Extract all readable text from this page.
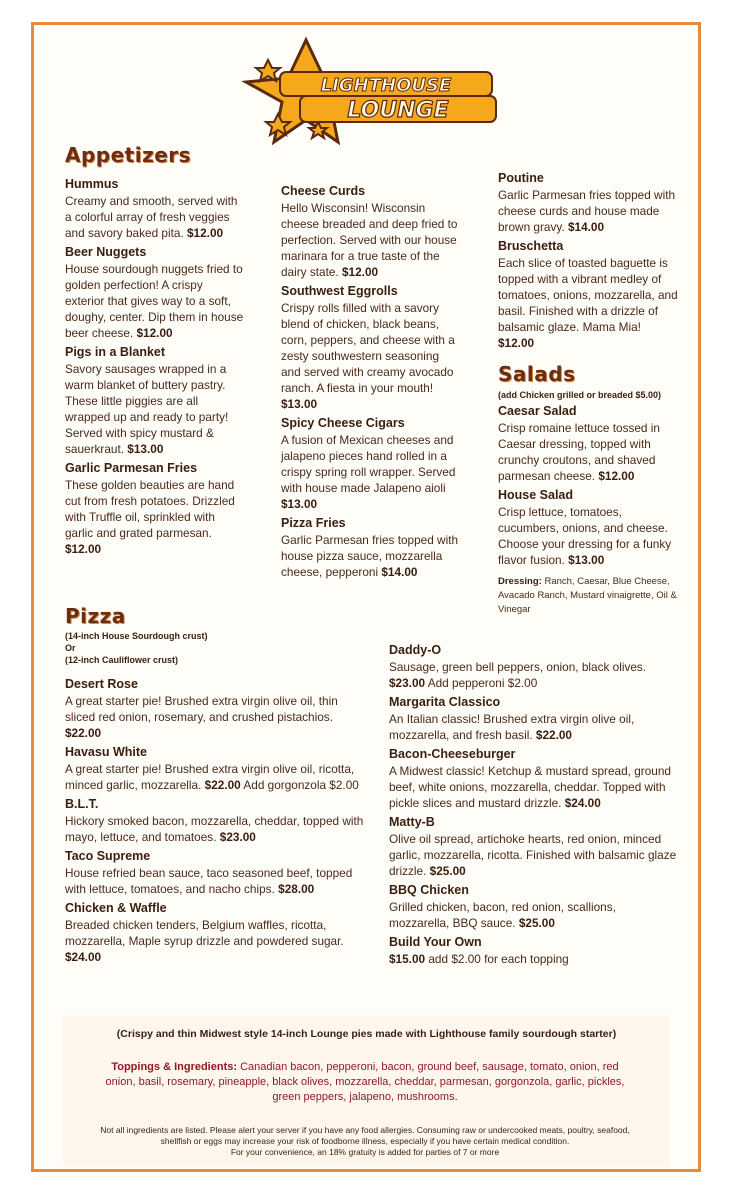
LIGHTHOUSE
LOUNGE
Appetizers
Hummus
Creamy and smooth, served with a colorful array of fresh veggies and savory baked pita. $12.00
Beer Nuggets
House sourdough nuggets fried to golden perfection! A crispy exterior that gives way to a soft, doughy, center. Dip them in house beer cheese. $12.00
Pigs in a Blanket
Savory sausages wrapped in a warm blanket of buttery pastry. These little piggies are all wrapped up and ready to party! Served with spicy mustard & sauerkraut. $13.00
Garlic Parmesan Fries
These golden beauties are hand cut from fresh potatoes. Drizzled with Truffle oil, sprinkled with garlic and grated parmesan. $12.00
Cheese Curds
Hello Wisconsin! Wisconsin cheese breaded and deep fried to perfection. Served with our house marinara for a true taste of the dairy state. $12.00
Southwest Eggrolls
Crispy rolls filled with a savory blend of chicken, black beans, corn, peppers, and cheese with a zesty southwestern seasoning and served with creamy avocado ranch. A fiesta in your mouth! $13.00
Spicy Cheese Cigars
A fusion of Mexican cheeses and jalapeno pieces hand rolled in a crispy spring roll wrapper. Served with house made Jalapeno aioli $13.00
Pizza Fries
Garlic Parmesan fries topped with house pizza sauce, mozzarella cheese, pepperoni $14.00
Poutine
Garlic Parmesan fries topped with cheese curds and house made brown gravy. $14.00
Bruschetta
Each slice of toasted baguette is topped with a vibrant medley of tomatoes, onions, mozzarella, and basil. Finished with a drizzle of balsamic glaze. Mama Mia! $12.00
Salads
(add Chicken grilled or breaded $5.00)
Caesar Salad
Crisp romaine lettuce tossed in Caesar dressing, topped with crunchy croutons, and shaved parmesan cheese. $12.00
House Salad
Crisp lettuce, tomatoes, cucumbers, onions, and cheese. Choose your dressing for a funky flavor fusion. $13.00
Dressing: Ranch, Caesar, Blue Cheese, Avacado Ranch, Mustard vinaigrette, Oil & Vinegar
Pizza
(14-inch House Sourdough crust)
Or
(12-inch Cauliflower crust)
Desert Rose
A great starter pie! Brushed extra virgin olive oil, thin sliced red onion, rosemary, and crushed pistachios. $22.00
Havasu White
A great starter pie! Brushed extra virgin olive oil, ricotta, minced garlic, mozzarella. $22.00 Add gorgonzola $2.00
B.L.T.
Hickory smoked bacon, mozzarella, cheddar, topped with mayo, lettuce, and tomatoes. $23.00
Taco Supreme
House refried bean sauce, taco seasoned beef, topped with lettuce, tomatoes, and nacho chips. $28.00
Chicken & Waffle
Breaded chicken tenders, Belgium waffles, ricotta, mozzarella, Maple syrup drizzle and powdered sugar. $24.00
Daddy-O
Sausage, green bell peppers, onion, black olives. $23.00 Add pepperoni $2.00
Margarita Classico
An Italian classic! Brushed extra virgin olive oil, mozzarella, and fresh basil. $22.00
Bacon-Cheeseburger
A Midwest classic! Ketchup & mustard spread, ground beef, white onions, mozzarella, cheddar. Topped with pickle slices and mustard drizzle. $24.00
Matty-B
Olive oil spread, artichoke hearts, red onion, minced garlic, mozzarella, ricotta. Finished with balsamic glaze drizzle. $25.00
BBQ Chicken
Grilled chicken, bacon, red onion, scallions, mozzarella, BBQ sauce. $25.00
Build Your Own
$15.00 add $2.00 for each topping
(Crispy and thin Midwest style 14-inch Lounge pies made with Lighthouse family sourdough starter)
Toppings & Ingredients: Canadian bacon, pepperoni, bacon, ground beef, sausage, tomato, onion, red onion, basil, rosemary, pineapple, black olives, mozzarella, cheddar, parmesan, gorgonzola, garlic, pickles, green peppers, jalapeno, mushrooms.
Not all ingredients are listed. Please alert your server if you have any food allergies. Consuming raw or undercooked meats, poultry, seafood, shellfish or eggs may increase your risk of foodborne illness, especially if you have certain medical condition.
For your convenience, an 18% gratuity is added for parties of 7 or more
